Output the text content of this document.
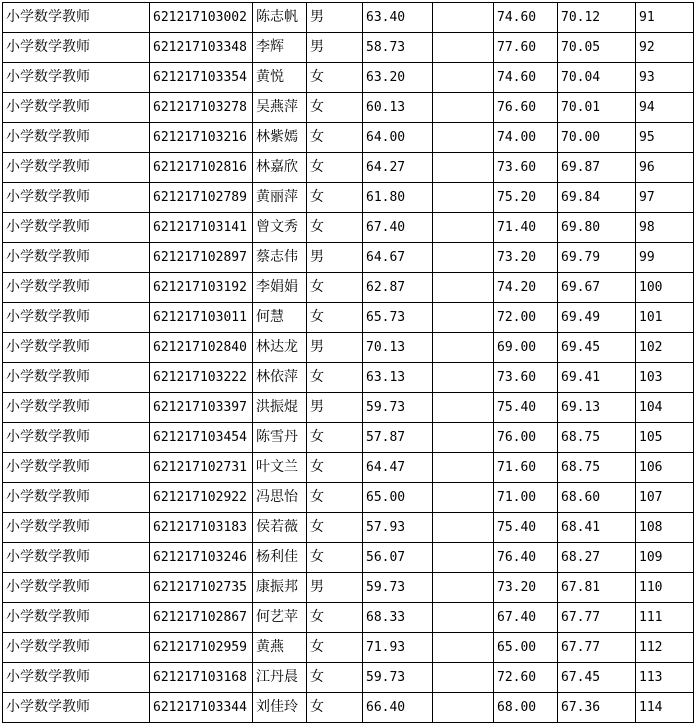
小学数学教师	621217103002	陈志帆	男	63.40		74.60	70.12	91
小学数学教师	621217103348	李辉	男	58.73		77.60	70.05	92
小学数学教师	621217103354	黄悦	女	63.20		74.60	70.04	93
小学数学教师	621217103278	吴燕萍	女	60.13		76.60	70.01	94
小学数学教师	621217103216	林紫嫣	女	64.00		74.00	70.00	95
小学数学教师	621217102816	林嘉欣	女	64.27		73.60	69.87	96
小学数学教师	621217102789	黄丽萍	女	61.80		75.20	69.84	97
小学数学教师	621217103141	曾文秀	女	67.40		71.40	69.80	98
小学数学教师	621217102897	蔡志伟	男	64.67		73.20	69.79	99
小学数学教师	621217103192	李娟娟	女	62.87		74.20	69.67	100
小学数学教师	621217103011	何慧	女	65.73		72.00	69.49	101
小学数学教师	621217102840	林达龙	男	70.13		69.00	69.45	102
小学数学教师	621217103222	林依萍	女	63.13		73.60	69.41	103
小学数学教师	621217103397	洪振焜	男	59.73		75.40	69.13	104
小学数学教师	621217103454	陈雪丹	女	57.87		76.00	68.75	105
小学数学教师	621217102731	叶文兰	女	64.47		71.60	68.75	106
小学数学教师	621217102922	冯思怡	女	65.00		71.00	68.60	107
小学数学教师	621217103183	侯若薇	女	57.93		75.40	68.41	108
小学数学教师	621217103246	杨利佳	女	56.07		76.40	68.27	109
小学数学教师	621217102735	康振邦	男	59.73		73.20	67.81	110
小学数学教师	621217102867	何艺苹	女	68.33		67.40	67.77	111
小学数学教师	621217102959	黄燕	女	71.93		65.00	67.77	112
小学数学教师	621217103168	江丹晨	女	59.73		72.60	67.45	113
小学数学教师	621217103344	刘佳玲	女	66.40		68.00	67.36	114
